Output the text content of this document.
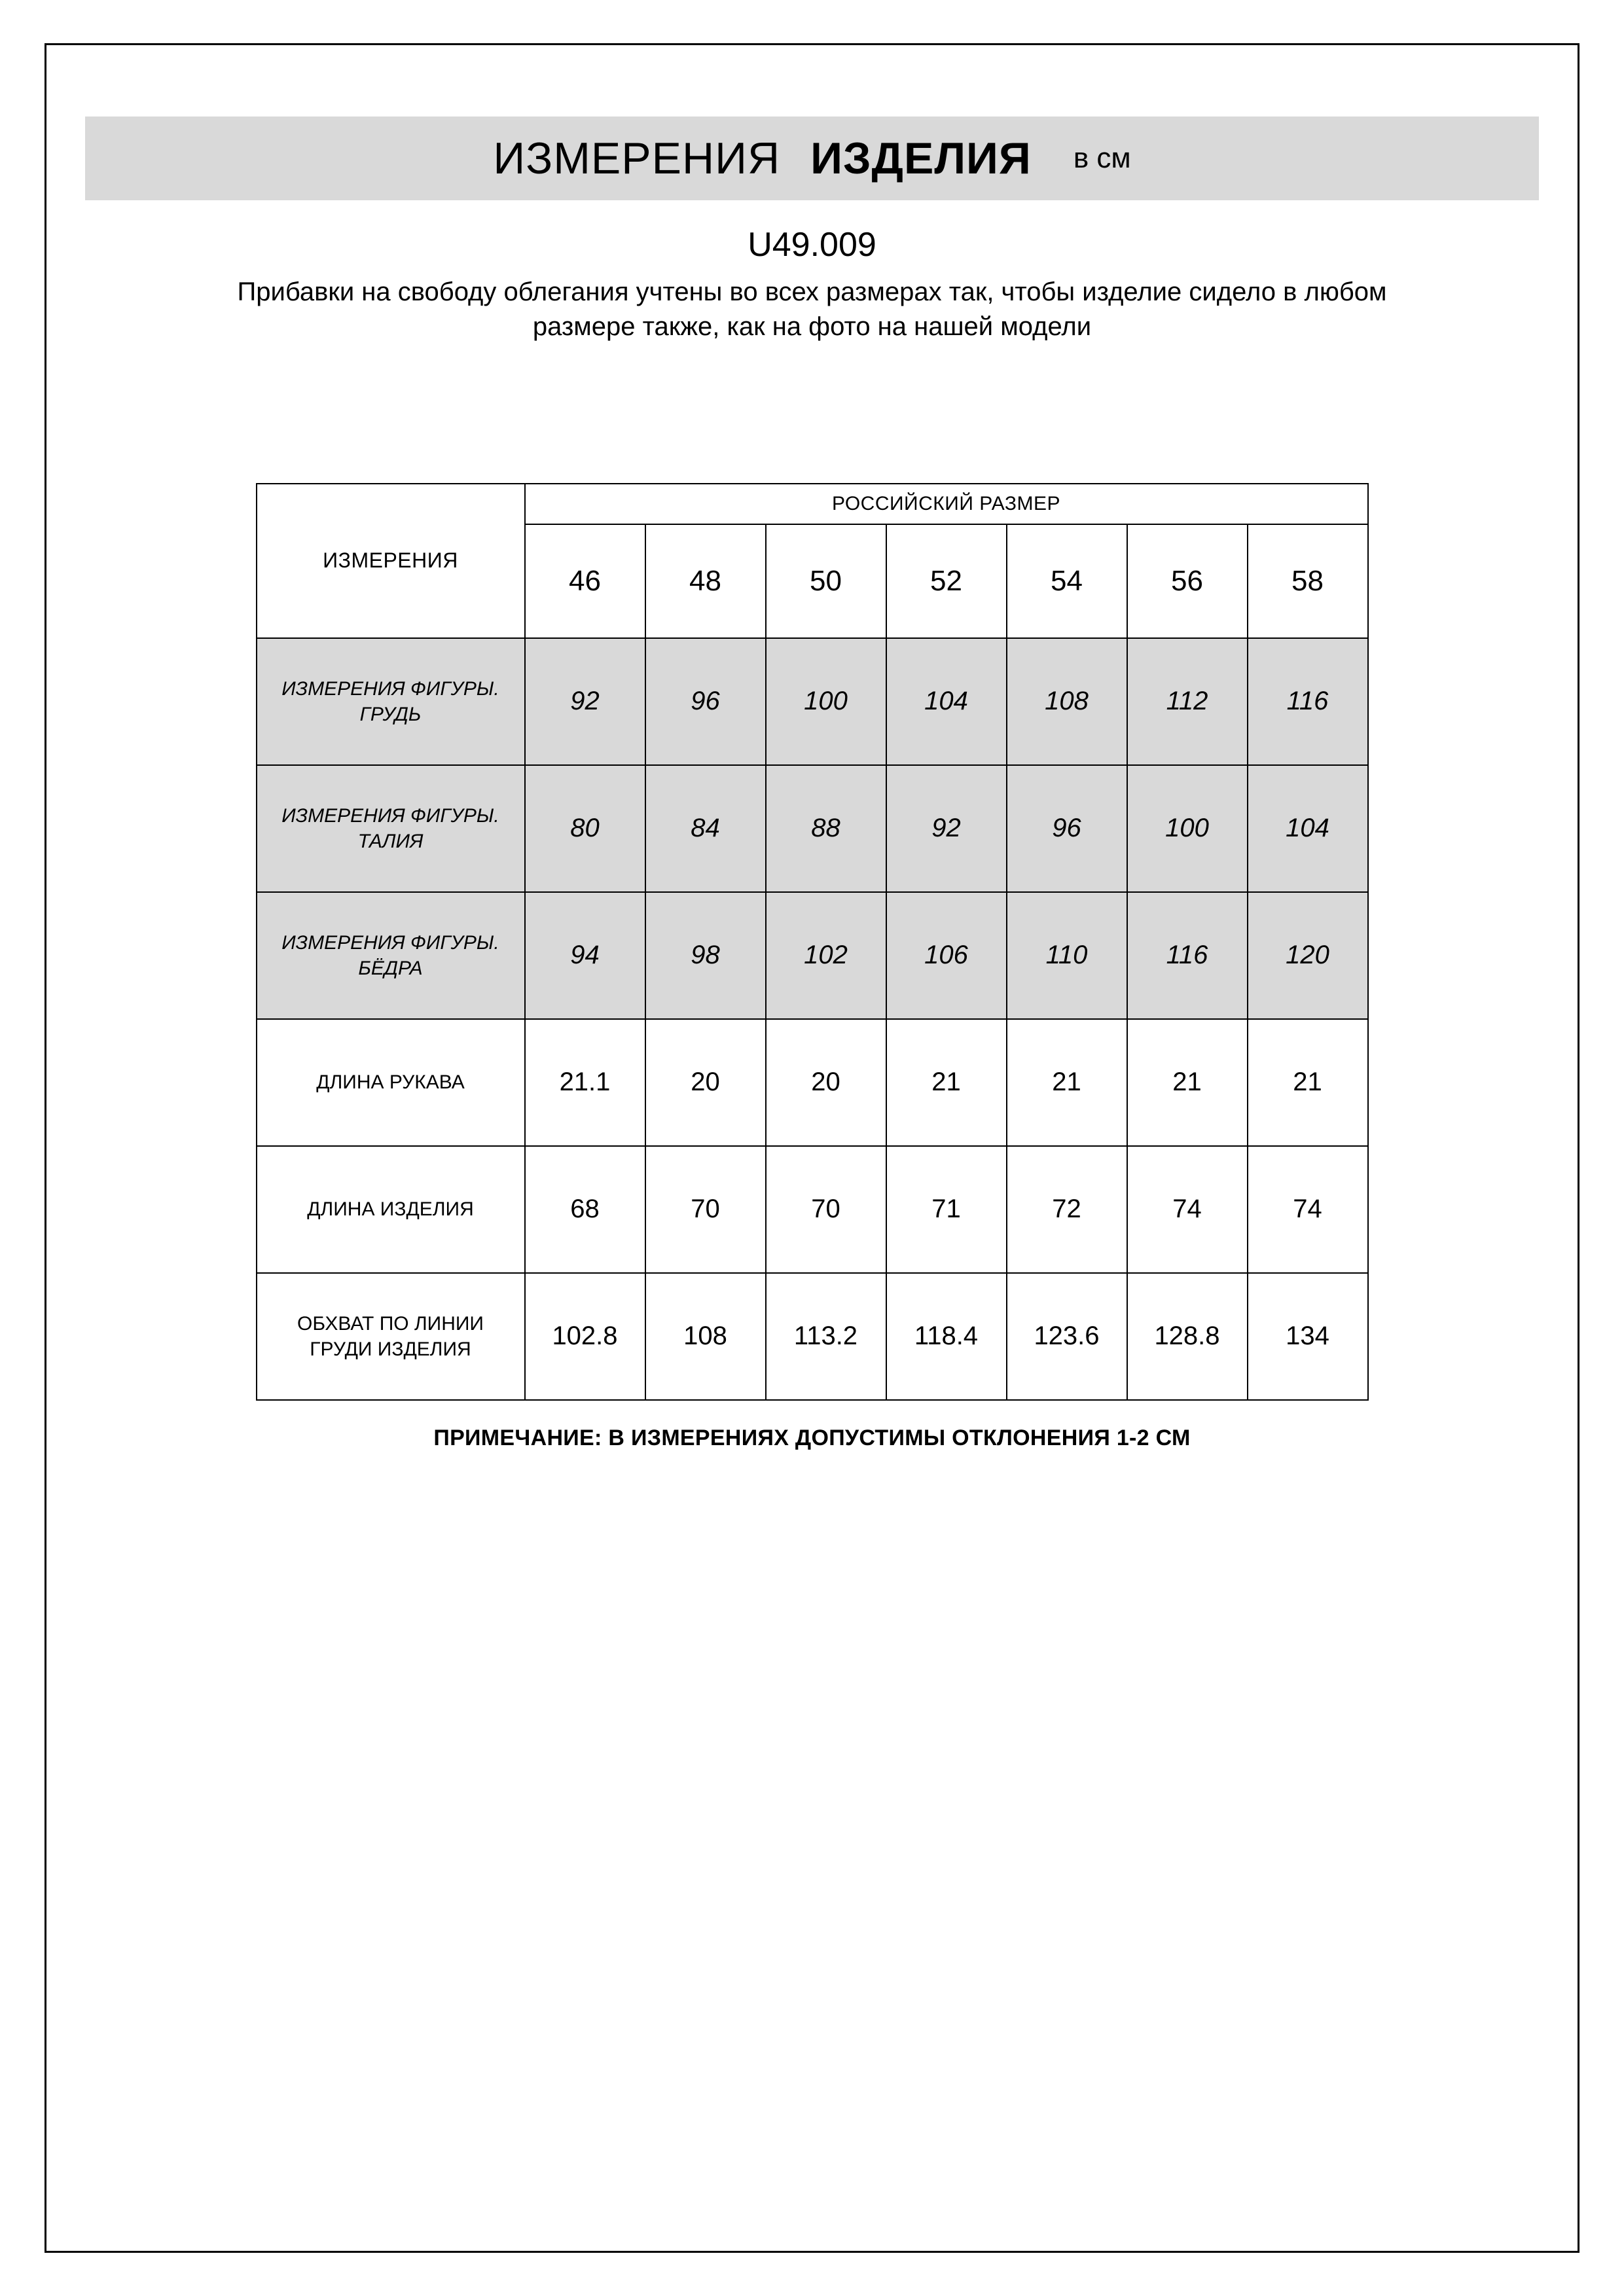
ИЗМЕРЕНИЯ ИЗДЕЛИЯ	в см
U49.009
Прибавки на свободу облегания учтены во всех размерах так, чтобы изделие сидело в любом размере также, как на фото на нашей модели
ИЗМЕРЕНИЯ	РОССИЙСКИЙ РАЗМЕР						
	46	48	50	52	54	56	58
ИЗМЕРЕНИЯ ФИГУРЫ. ГРУДЬ	92	96	100	104	108	112	116
ИЗМЕРЕНИЯ ФИГУРЫ. ТАЛИЯ	80	84	88	92	96	100	104
ИЗМЕРЕНИЯ ФИГУРЫ. БЁДРА	94	98	102	106	110	116	120
ДЛИНА РУКАВА	21.1	20	20	21	21	21	21
ДЛИНА ИЗДЕЛИЯ	68	70	70	71	72	74	74
ОБХВАТ ПО ЛИНИИ ГРУДИ ИЗДЕЛИЯ	102.8	108	113.2	118.4	123.6	128.8	134
ПРИМЕЧАНИЕ: В ИЗМЕРЕНИЯХ ДОПУСТИМЫ ОТКЛОНЕНИЯ 1-2 СМ
